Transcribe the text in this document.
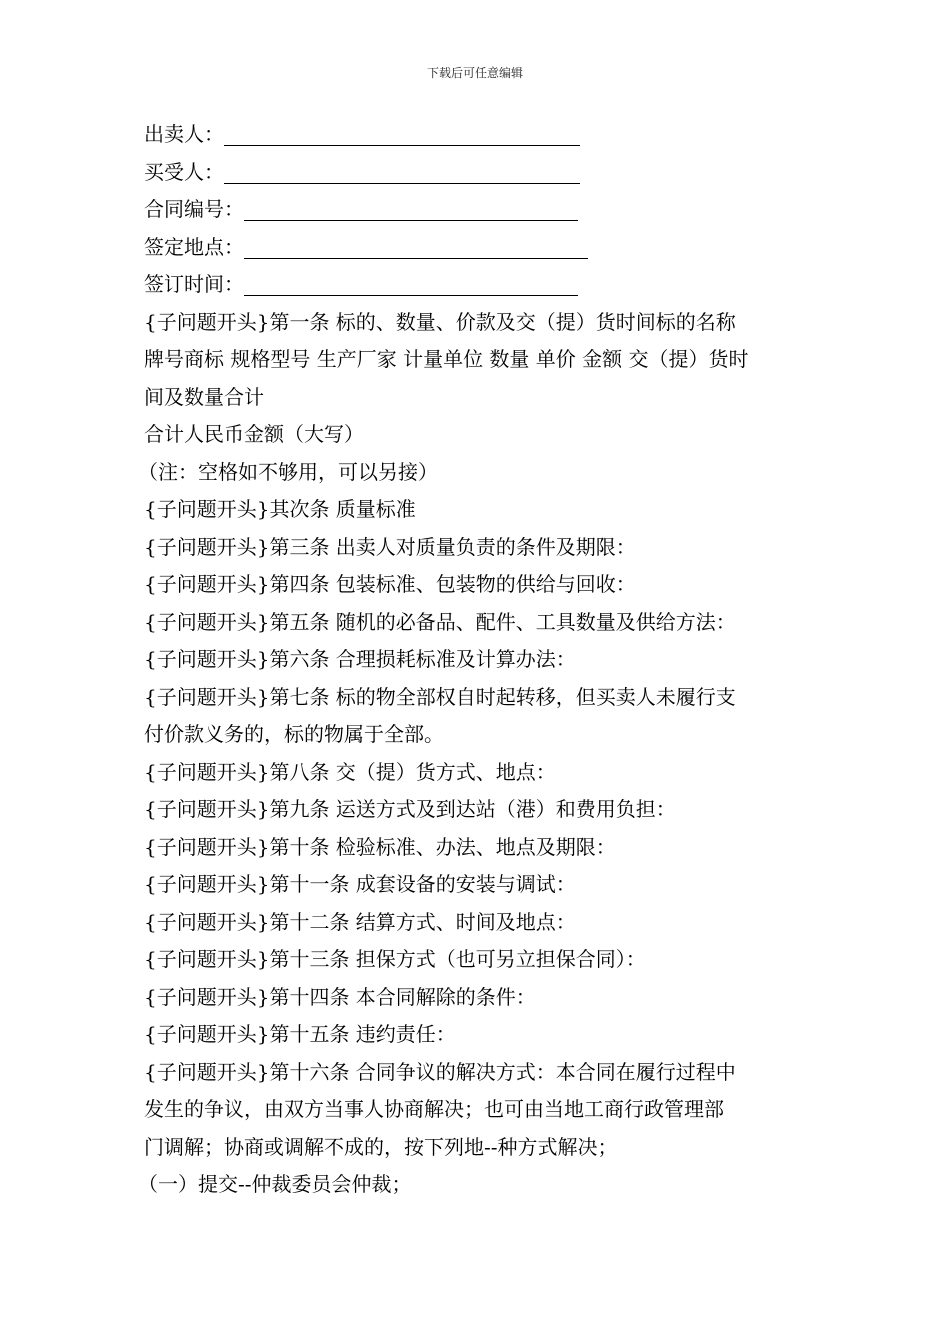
下载后可任意编辑
出卖人：
买受人：
合同编号：
签定地点：
签订时间：
{子问题开头}第一条 标的、数量、价款及交（提）货时间标的名称
牌号商标 规格型号 生产厂家 计量单位 数量 单价 金额 交（提）货时
间及数量合计
合计人民币金额（大写）
（注：空格如不够用，可以另接）
{子问题开头}其次条 质量标准
{子问题开头}第三条 出卖人对质量负责的条件及期限：
{子问题开头}第四条 包装标准、包装物的供给与回收：
{子问题开头}第五条 随机的必备品、配件、工具数量及供给方法：
{子问题开头}第六条 合理损耗标准及计算办法：
{子问题开头}第七条 标的物全部权自时起转移，但买卖人未履行支
付价款义务的，标的物属于全部。
{子问题开头}第八条 交（提）货方式、地点：
{子问题开头}第九条 运送方式及到达站（港）和费用负担：
{子问题开头}第十条 检验标准、办法、地点及期限：
{子问题开头}第十一条 成套设备的安装与调试：
{子问题开头}第十二条 结算方式、时间及地点：
{子问题开头}第十三条 担保方式（也可另立担保合同）：
{子问题开头}第十四条 本合同解除的条件：
{子问题开头}第十五条 违约责任：
{子问题开头}第十六条 合同争议的解决方式：本合同在履行过程中
发生的争议，由双方当事人协商解决；也可由当地工商行政管理部
门调解；协商或调解不成的，按下列地--种方式解决；
（一）提交--仲裁委员会仲裁；
